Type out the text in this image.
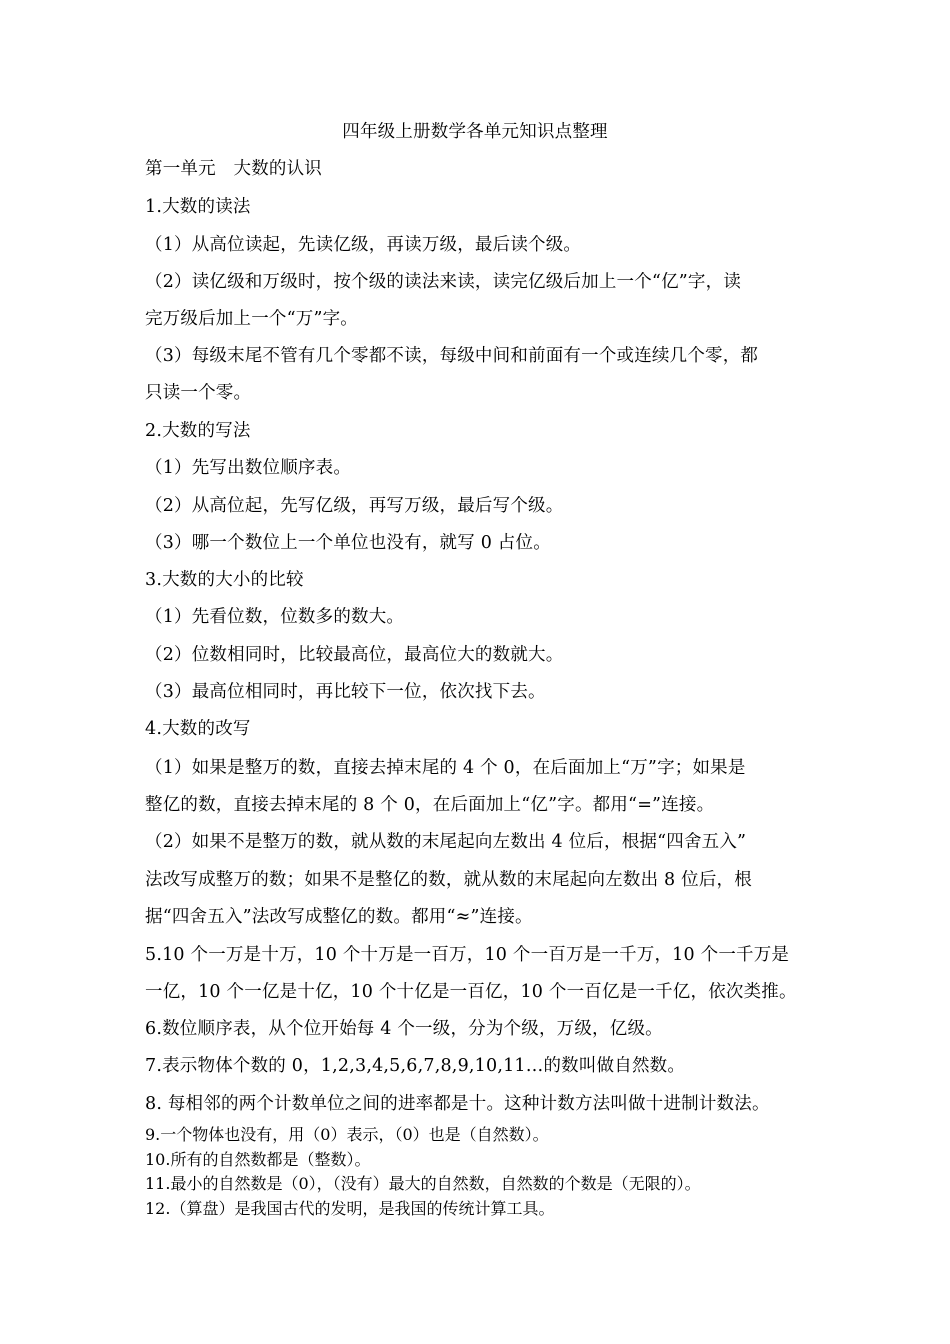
四年级上册数学各单元知识点整理
第一单元　大数的认识
1.大数的读法
（1）从高位读起，先读亿级，再读万级，最后读个级。
（2）读亿级和万级时，按个级的读法来读，读完亿级后加上一个“亿”字，读
完万级后加上一个“万”字。
（3）每级末尾不管有几个零都不读，每级中间和前面有一个或连续几个零，都
只读一个零。
2.大数的写法
（1）先写出数位顺序表。
（2）从高位起，先写亿级，再写万级，最后写个级。
（3）哪一个数位上一个单位也没有，就写 0 占位。
3.大数的大小的比较
（1）先看位数，位数多的数大。
（2）位数相同时，比较最高位，最高位大的数就大。
（3）最高位相同时，再比较下一位，依次找下去。
4.大数的改写
（1）如果是整万的数，直接去掉末尾的 4 个 0，在后面加上“万”字；如果是
整亿的数，直接去掉末尾的 8 个 0，在后面加上“亿”字。都用“=”连接。
（2）如果不是整万的数，就从数的末尾起向左数出 4 位后，根据“四舍五入”
法改写成整万的数；如果不是整亿的数，就从数的末尾起向左数出 8 位后，根
据“四舍五入”法改写成整亿的数。都用“≈”连接。
5.10 个一万是十万，10 个十万是一百万，10 个一百万是一千万，10 个一千万是
一亿，10 个一亿是十亿，10 个十亿是一百亿，10 个一百亿是一千亿，依次类推。
6.数位顺序表，从个位开始每 4 个一级，分为个级，万级，亿级。
7.表示物体个数的 0，1,2,3,4,5,6,7,8,9,10,11…的数叫做自然数。
8. 每相邻的两个计数单位之间的进率都是十。这种计数方法叫做十进制计数法。
9.一个物体也没有，用（0）表示，（0）也是（自然数）。
10.所有的自然数都是（整数）。
11.最小的自然数是（0），（没有）最大的自然数，自然数的个数是（无限的）。
12.（算盘）是我国古代的发明，是我国的传统计算工具。
